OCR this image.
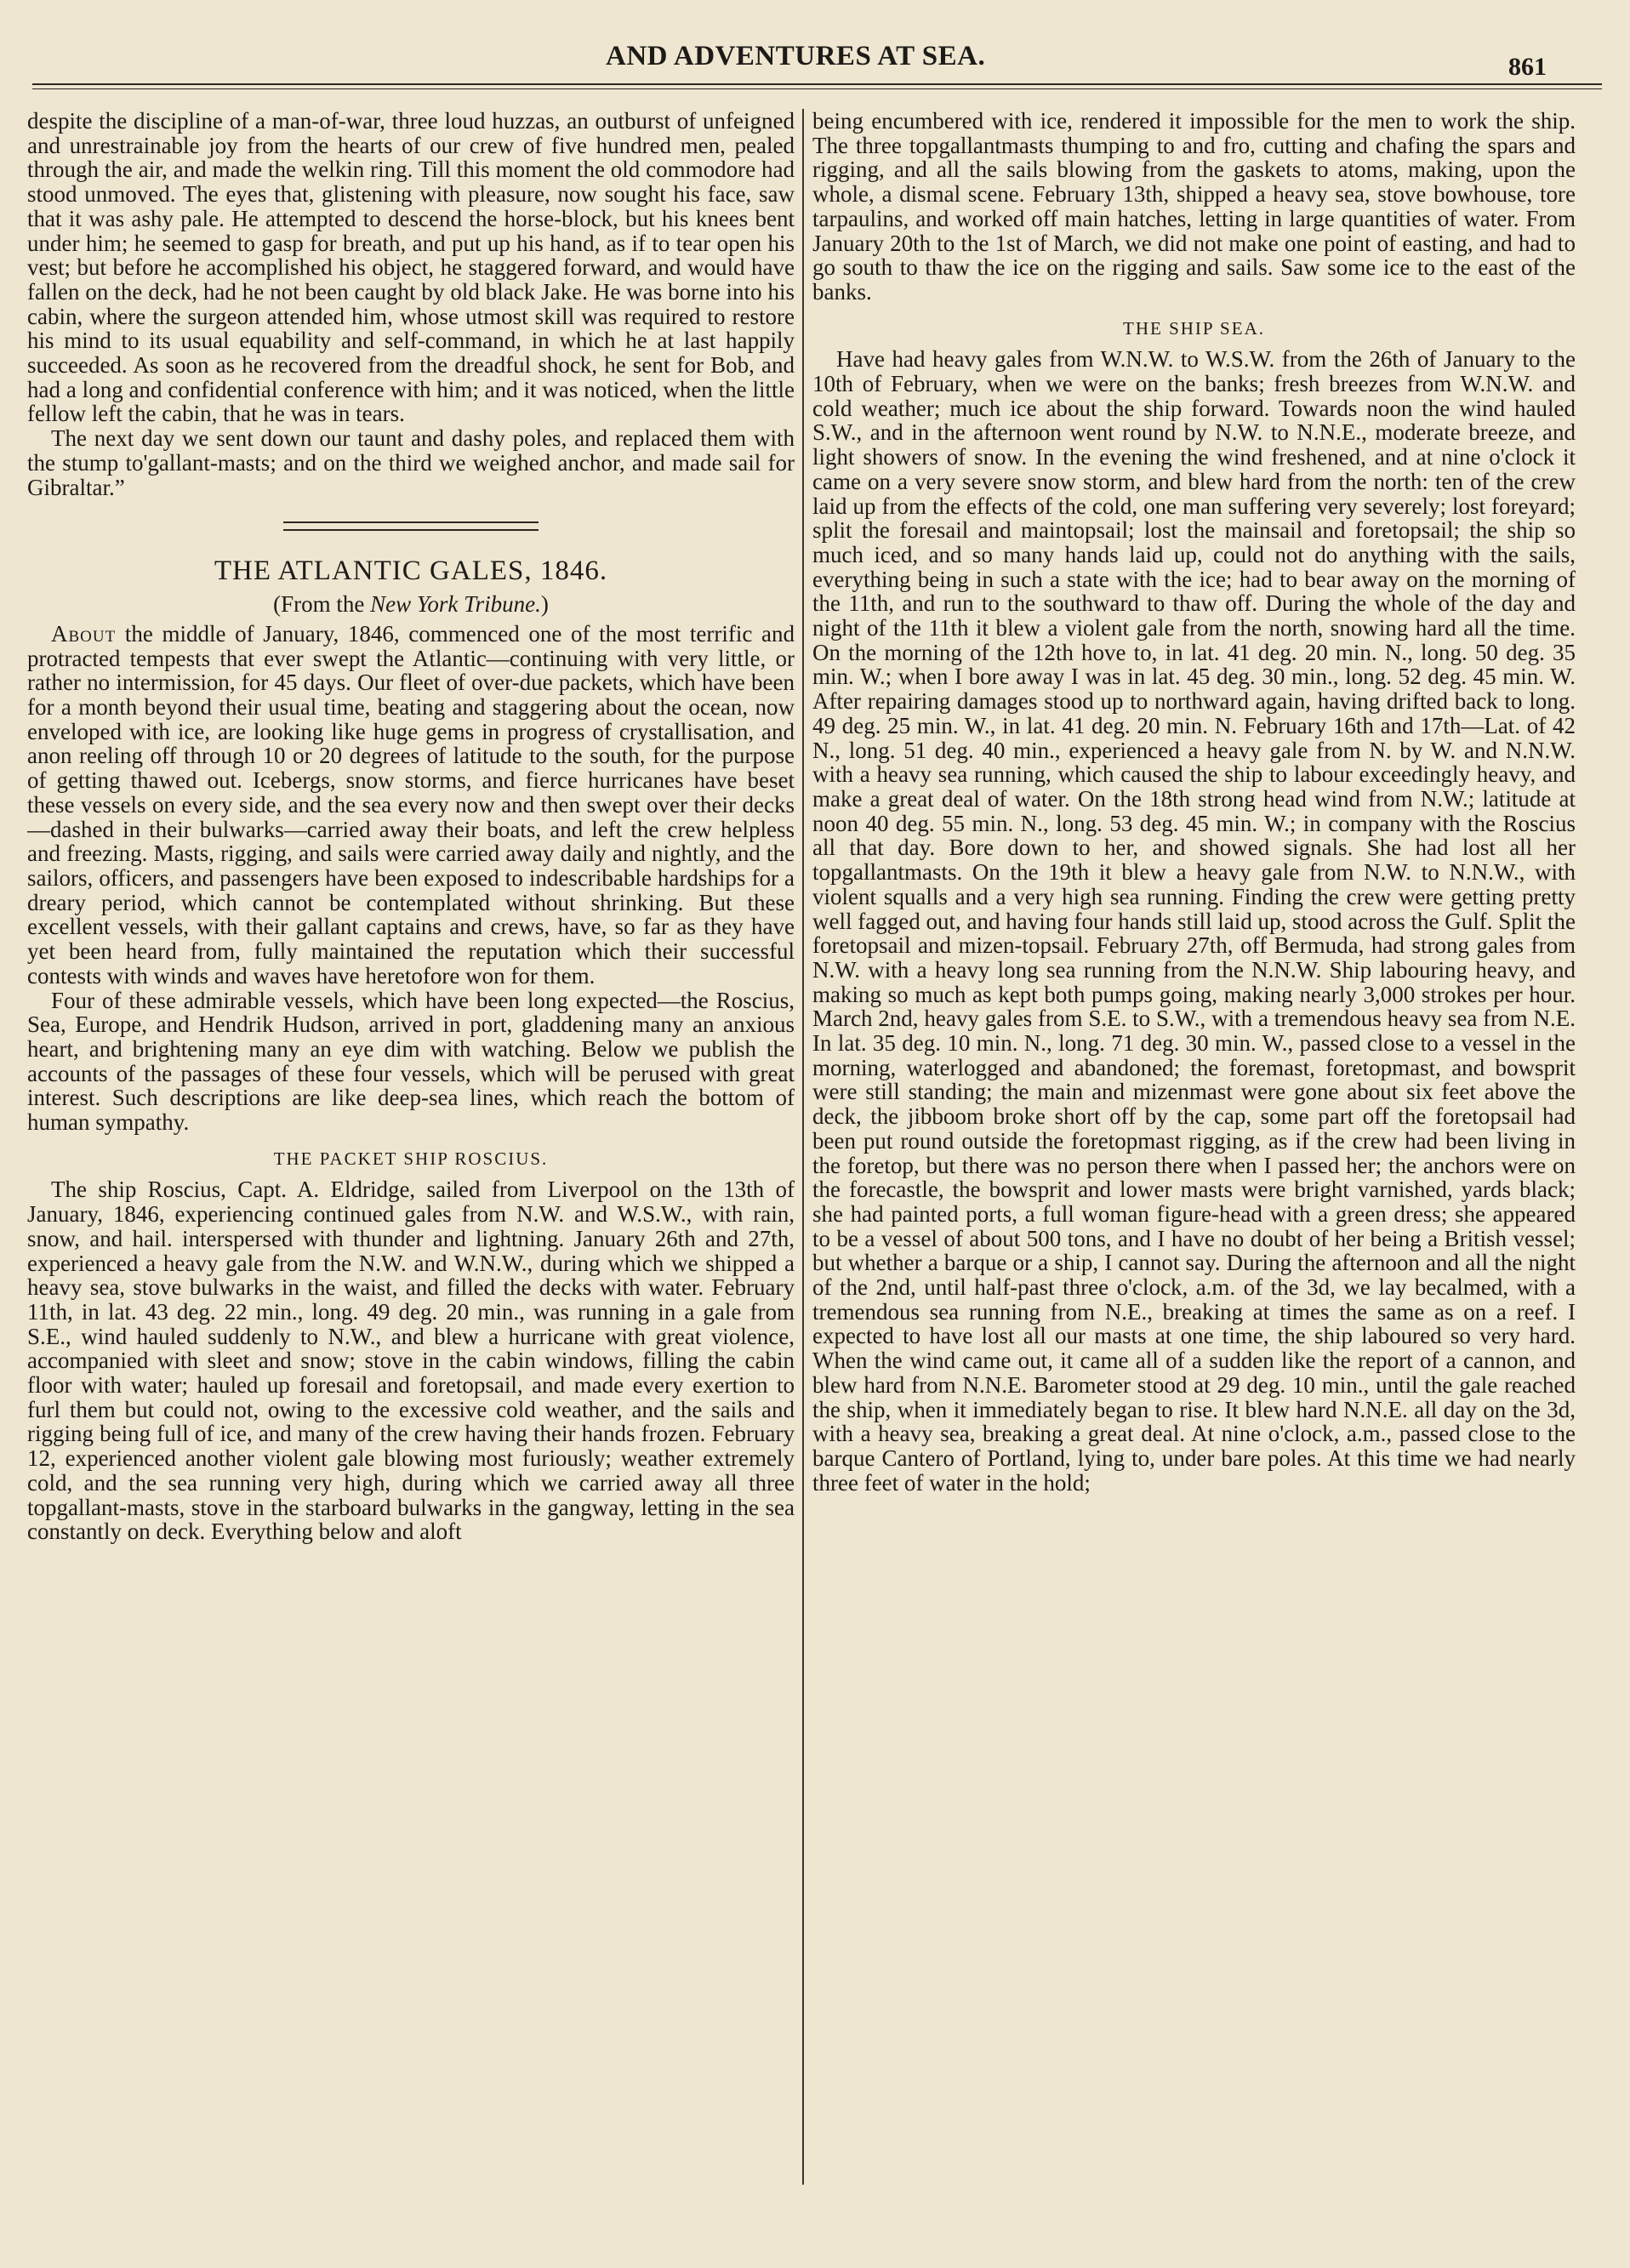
AND ADVENTURES AT SEA.	861

despite the discipline of a man-of-war, three loud huzzas, an outburst of unfeigned and unrestrainable joy from the hearts of our crew of five hundred men, pealed through the air, and made the welkin ring. Till this moment the old commodore had stood unmoved. The eyes that, glistening with pleasure, now sought his face, saw that it was ashy pale. He attempted to descend the horse-block, but his knees bent under him; he seemed to gasp for breath, and put up his hand, as if to tear open his vest; but before he accomplished his object, he staggered forward, and would have fallen on the deck, had he not been caught by old black Jake. He was borne into his cabin, where the surgeon attended him, whose utmost skill was required to restore his mind to its usual equability and self-command, in which he at last happily succeeded. As soon as he recovered from the dreadful shock, he sent for Bob, and had a long and confidential conference with him; and it was noticed, when the little fellow left the cabin, that he was in tears.

The next day we sent down our taunt and dashy poles, and replaced them with the stump to'gallant-masts; and on the third we weighed anchor, and made sail for Gibraltar.”

THE ATLANTIC GALES, 1846.
(From the New York Tribune.)

About the middle of January, 1846, commenced one of the most terrific and protracted tempests that ever swept the Atlantic—continuing with very little, or rather no intermission, for 45 days. Our fleet of over-due packets, which have been for a month beyond their usual time, beating and staggering about the ocean, now enveloped with ice, are looking like huge gems in progress of crystallisation, and anon reeling off through 10 or 20 degrees of latitude to the south, for the purpose of getting thawed out. Icebergs, snow storms, and fierce hurricanes have beset these vessels on every side, and the sea every now and then swept over their decks—dashed in their bulwarks—carried away their boats, and left the crew helpless and freezing. Masts, rigging, and sails were carried away daily and nightly, and the sailors, officers, and passengers have been exposed to indescribable hardships for a dreary period, which cannot be contemplated without shrinking. But these excellent vessels, with their gallant captains and crews, have, so far as they have yet been heard from, fully maintained the reputation which their successful contests with winds and waves have heretofore won for them.

Four of these admirable vessels, which have been long expected—the Roscius, Sea, Europe, and Hendrik Hudson, arrived in port, gladdening many an anxious heart, and brightening many an eye dim with watching. Below we publish the accounts of the passages of these four vessels, which will be perused with great interest. Such descriptions are like deep-sea lines, which reach the bottom of human sympathy.

THE PACKET SHIP ROSCIUS.

The ship Roscius, Capt. A. Eldridge, sailed from Liverpool on the 13th of January, 1846, experiencing continued gales from N.W. and W.S.W., with rain, snow, and hail. interspersed with thunder and lightning. January 26th and 27th, experienced a heavy gale from the N.W. and W.N.W., during which we shipped a heavy sea, stove bulwarks in the waist, and filled the decks with water. February 11th, in lat. 43 deg. 22 min., long. 49 deg. 20 min., was running in a gale from S.E., wind hauled suddenly to N.W., and blew a hurricane with great violence, accompanied with sleet and snow; stove in the cabin windows, filling the cabin floor with water; hauled up foresail and foretopsail, and made every exertion to furl them but could not, owing to the excessive cold weather, and the sails and rigging being full of ice, and many of the crew having their hands frozen. February 12, experienced another violent gale blowing most furiously; weather extremely cold, and the sea running very high, during which we carried away all three topgallant-masts, stove in the starboard bulwarks in the gangway, letting in the sea constantly on deck. Everything below and aloft

being encumbered with ice, rendered it impossible for the men to work the ship. The three topgallantmasts thumping to and fro, cutting and chafing the spars and rigging, and all the sails blowing from the gaskets to atoms, making, upon the whole, a dismal scene. February 13th, shipped a heavy sea, stove bowhouse, tore tarpaulins, and worked off main hatches, letting in large quantities of water. From January 20th to the 1st of March, we did not make one point of easting, and had to go south to thaw the ice on the rigging and sails. Saw some ice to the east of the banks.

THE SHIP SEA.

Have had heavy gales from W.N.W. to W.S.W. from the 26th of January to the 10th of February, when we were on the banks; fresh breezes from W.N.W. and cold weather; much ice about the ship forward. Towards noon the wind hauled S.W., and in the afternoon went round by N.W. to N.N.E., moderate breeze, and light showers of snow. In the evening the wind freshened, and at nine o'clock it came on a very severe snow storm, and blew hard from the north: ten of the crew laid up from the effects of the cold, one man suffering very severely; lost foreyard; split the foresail and maintopsail; lost the mainsail and foretopsail; the ship so much iced, and so many hands laid up, could not do anything with the sails, everything being in such a state with the ice; had to bear away on the morning of the 11th, and run to the southward to thaw off. During the whole of the day and night of the 11th it blew a violent gale from the north, snowing hard all the time. On the morning of the 12th hove to, in lat. 41 deg. 20 min. N., long. 50 deg. 35 min. W.; when I bore away I was in lat. 45 deg. 30 min., long. 52 deg. 45 min. W. After repairing damages stood up to northward again, having drifted back to long. 49 deg. 25 min. W., in lat. 41 deg. 20 min. N. February 16th and 17th—Lat. of 42 N., long. 51 deg. 40 min., experienced a heavy gale from N. by W. and N.N.W. with a heavy sea running, which caused the ship to labour exceedingly heavy, and make a great deal of water. On the 18th strong head wind from N.W.; latitude at noon 40 deg. 55 min. N., long. 53 deg. 45 min. W.; in company with the Roscius all that day. Bore down to her, and showed signals. She had lost all her topgallantmasts. On the 19th it blew a heavy gale from N.W. to N.N.W., with violent squalls and a very high sea running. Finding the crew were getting pretty well fagged out, and having four hands still laid up, stood across the Gulf. Split the foretopsail and mizen-topsail. February 27th, off Bermuda, had strong gales from N.W. with a heavy long sea running from the N.N.W. Ship labouring heavy, and making so much as kept both pumps going, making nearly 3,000 strokes per hour. March 2nd, heavy gales from S.E. to S.W., with a tremendous heavy sea from N.E. In lat. 35 deg. 10 min. N., long. 71 deg. 30 min. W., passed close to a vessel in the morning, waterlogged and abandoned; the foremast, foretopmast, and bowsprit were still standing; the main and mizenmast were gone about six feet above the deck, the jibboom broke short off by the cap, some part off the foretopsail had been put round outside the foretopmast rigging, as if the crew had been living in the foretop, but there was no person there when I passed her; the anchors were on the forecastle, the bowsprit and lower masts were bright varnished, yards black; she had painted ports, a full woman figure-head with a green dress; she appeared to be a vessel of about 500 tons, and I have no doubt of her being a British vessel; but whether a barque or a ship, I cannot say. During the afternoon and all the night of the 2nd, until half-past three o'clock, a.m. of the 3d, we lay becalmed, with a tremendous sea running from N.E., breaking at times the same as on a reef. I expected to have lost all our masts at one time, the ship laboured so very hard. When the wind came out, it came all of a sudden like the report of a cannon, and blew hard from N.N.E. Barometer stood at 29 deg. 10 min., until the gale reached the ship, when it immediately began to rise. It blew hard N.N.E. all day on the 3d, with a heavy sea, breaking a great deal. At nine o'clock, a.m., passed close to the barque Cantero of Portland, lying to, under bare poles. At this time we had nearly three feet of water in the hold;
